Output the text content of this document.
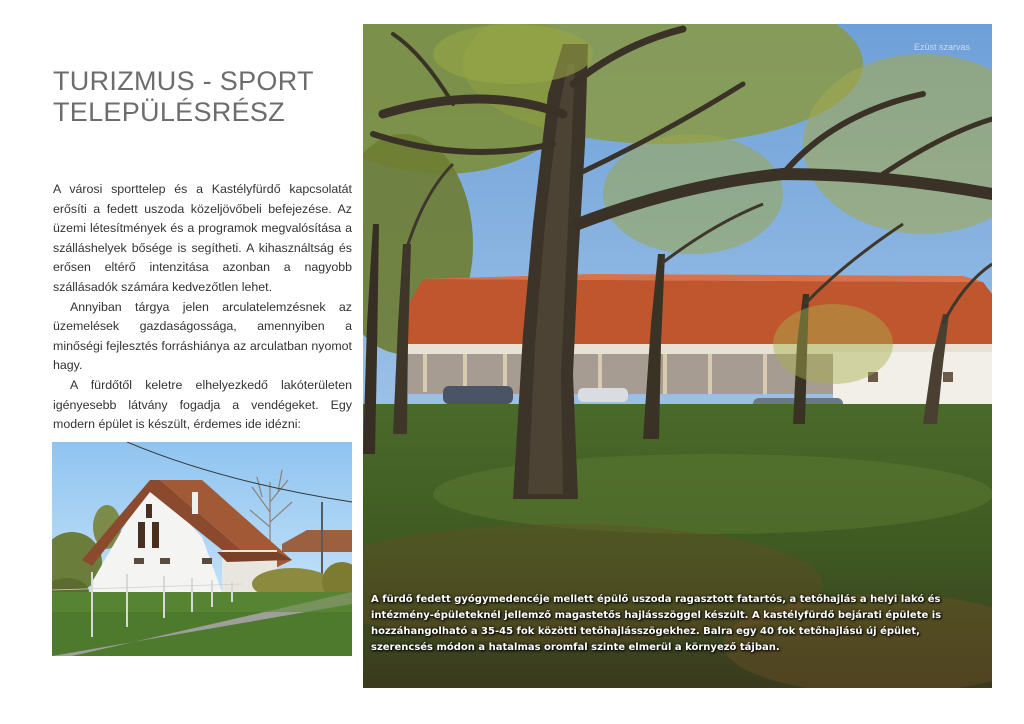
TURIZMUS - SPORT
TELEPÜLÉSRÉSZ

A városi sporttelep és a Kastélyfürdő kapcsolatát erősíti a fedett uszoda közeljövőbeli befejezése. Az üzemi létesítmények és a programok megvalósítása a szálláshelyek bősége is segítheti. A kihasználtság és erősen eltérő intenzitása azonban a nagyobb szállásadók számára kedvezőtlen lehet.

Annyiban tárgya jelen arculatelemzésnek az üzemelések gazdaságossága, amennyiben a minőségi fejlesztés forráshiánya az arculatban nyomot hagy.

A fürdőtől keletre elhelyezkedő lakóterületen igényesebb látvány fogadja a vendégeket. Egy modern épület is készült, érdemes ide idézni:

Ezüst szarvas

A fürdő fedett gyógymedencéje mellett épülő uszoda ragasztott fatartós, a tetőhajlás a helyi lakó és intézmény-épületeknél jellemző magastetős hajlásszöggel készült. A kastélyfürdő bejárati épülete is hozzáhangolható a 35-45 fok közötti tetőhajlásszögekhez. Balra egy 40 fok tetőhajlású új épület, szerencsés módon a hatalmas oromfal szinte elmerül a környező tájban.
